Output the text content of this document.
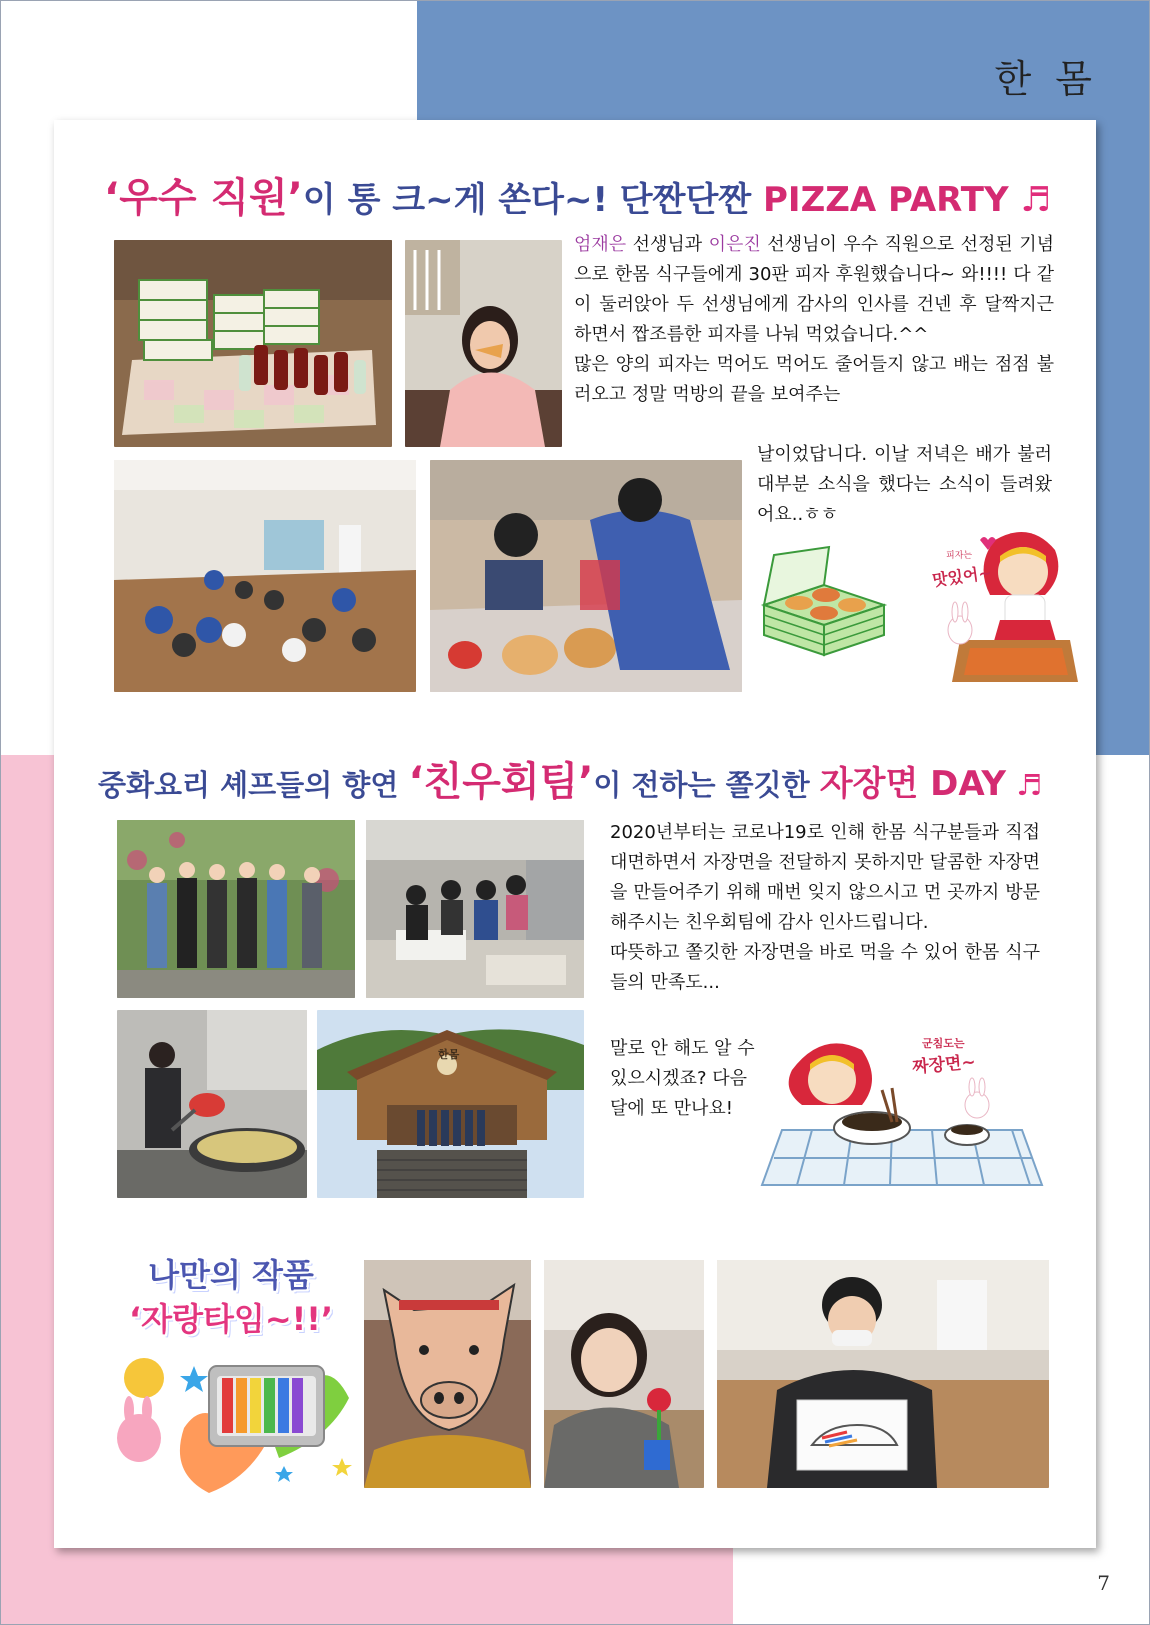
한 몸
7
‘우수 직원’이 통 크~게 쏜다~! 단짠단짠 PIZZA PARTY ♬

엄재은 선생님과 이은진 선생님이 우수 직원으로 선정된 기념으로 한몸 식구들에게 30판 피자 후원했습니다~ 와!!!! 다 같이 둘러앉아 두 선생님에게 감사의 인사를 건넨 후 달짝지근하면서 짭조름한 피자를 나눠 먹었습니다.^^

많은 양의 피자는 먹어도 먹어도 줄어들지 않고 배는 점점 불러오고 정말 먹방의 끝을 보여주는

날이었답니다. 이날 저녁은 배가 불러 대부분 소식을 했다는 소식이 들려왔어요..ㅎㅎ

맛있어~
피자는
중화요리 셰프들의 향연 ‘친우회팀’이 전하는 쫄깃한 자장면 DAY ♬
한몸

2020년부터는 코로나19로 인해 한몸 식구분들과 직접 대면하면서 자장면을 전달하지 못하지만 달콤한 자장면을 만들어주기 위해 매번 잊지 않으시고 먼 곳까지 방문해주시는 친우회팀에 감사 인사드립니다.

따뜻하고 쫄깃한 자장면을 바로 먹을 수 있어 한몸 식구들의 만족도...

말로 안 해도 알 수 있으시겠죠? 다음 달에 또 만나요!

군침도는
짜장면~
나만의 작품
‘자랑타임~!!’
